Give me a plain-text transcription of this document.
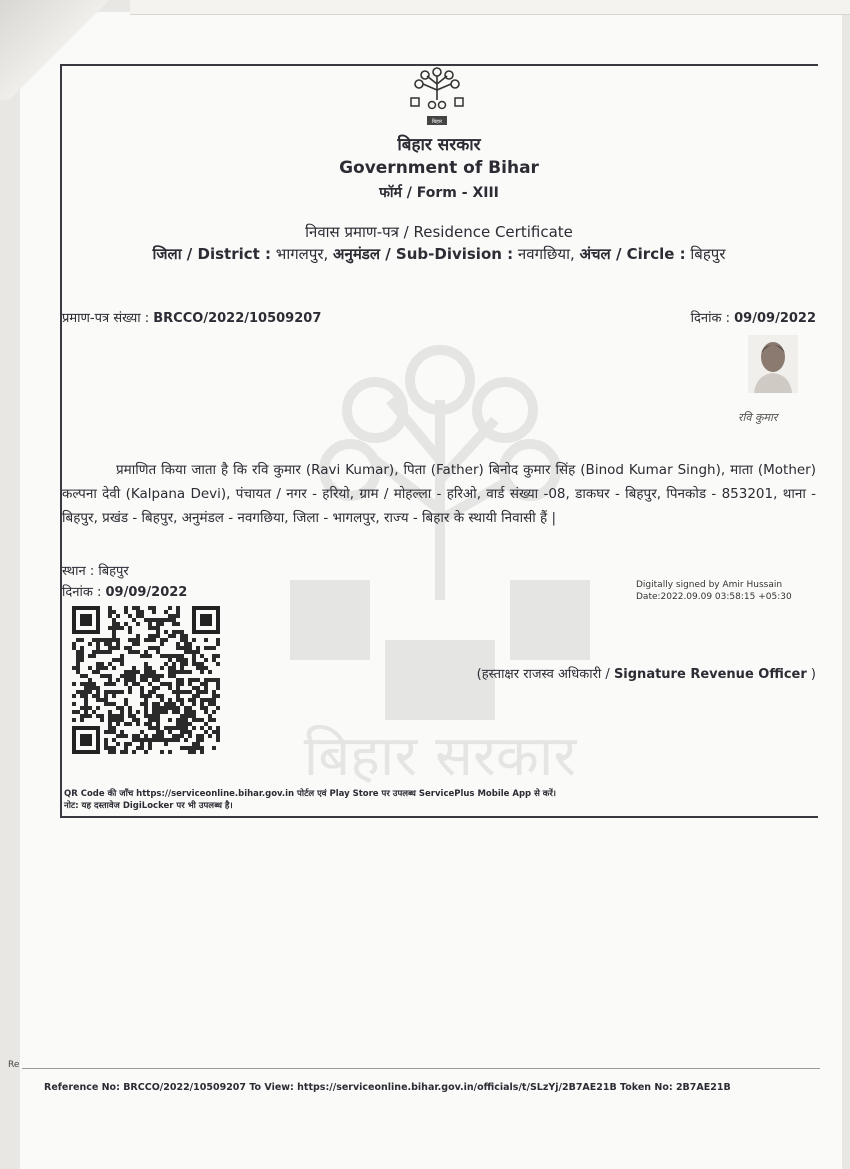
बिहार सरकार
बिहार
बिहार सरकार
Government of Bihar
फॉर्म / Form - XIII
निवास प्रमाण-पत्र / Residence Certificate
जिला / District : भागलपुर, अनुमंडल / Sub-Division : नवगछिया, अंचल / Circle : बिहपुर
प्रमाण-पत्र संख्या : BRCCO/2022/10509207	दिनांक : 09/09/2022
रवि कुमार
प्रमाणित किया जाता है कि रवि कुमार (Ravi Kumar), पिता (Father) बिनोद कुमार सिंह (Binod Kumar Singh), माता (Mother) कल्पना देवी (Kalpana Devi), पंचायत / नगर - हरियो, ग्राम / मोहल्ला - हरिओ, वार्ड संख्या -08, डाकघर - बिहपुर, पिनकोड - 853201, थाना - बिहपुर, प्रखंड - बिहपुर, अनुमंडल - नवगछिया, जिला - भागलपुर, राज्य - बिहार के स्थायी निवासी हैं |
स्थान : बिहपुर
दिनांक : 09/09/2022	Digitally signed by Amir Hussain
Date:2022.09.09 03:58:15 +05:30
(हस्ताक्षर राजस्व अधिकारी / Signature Revenue Officer )
QR Code की जाँच https://serviceonline.bihar.gov.in पोर्टल एवं Play Store पर उपलब्ध ServicePlus Mobile App से करें।
नोट: यह दस्तावेज DigiLocker पर भी उपलब्ध है।
Re
Reference No: BRCCO/2022/10509207 To View: https://serviceonline.bihar.gov.in/officials/t/SLzYj/2B7AE21B Token No: 2B7AE21B
